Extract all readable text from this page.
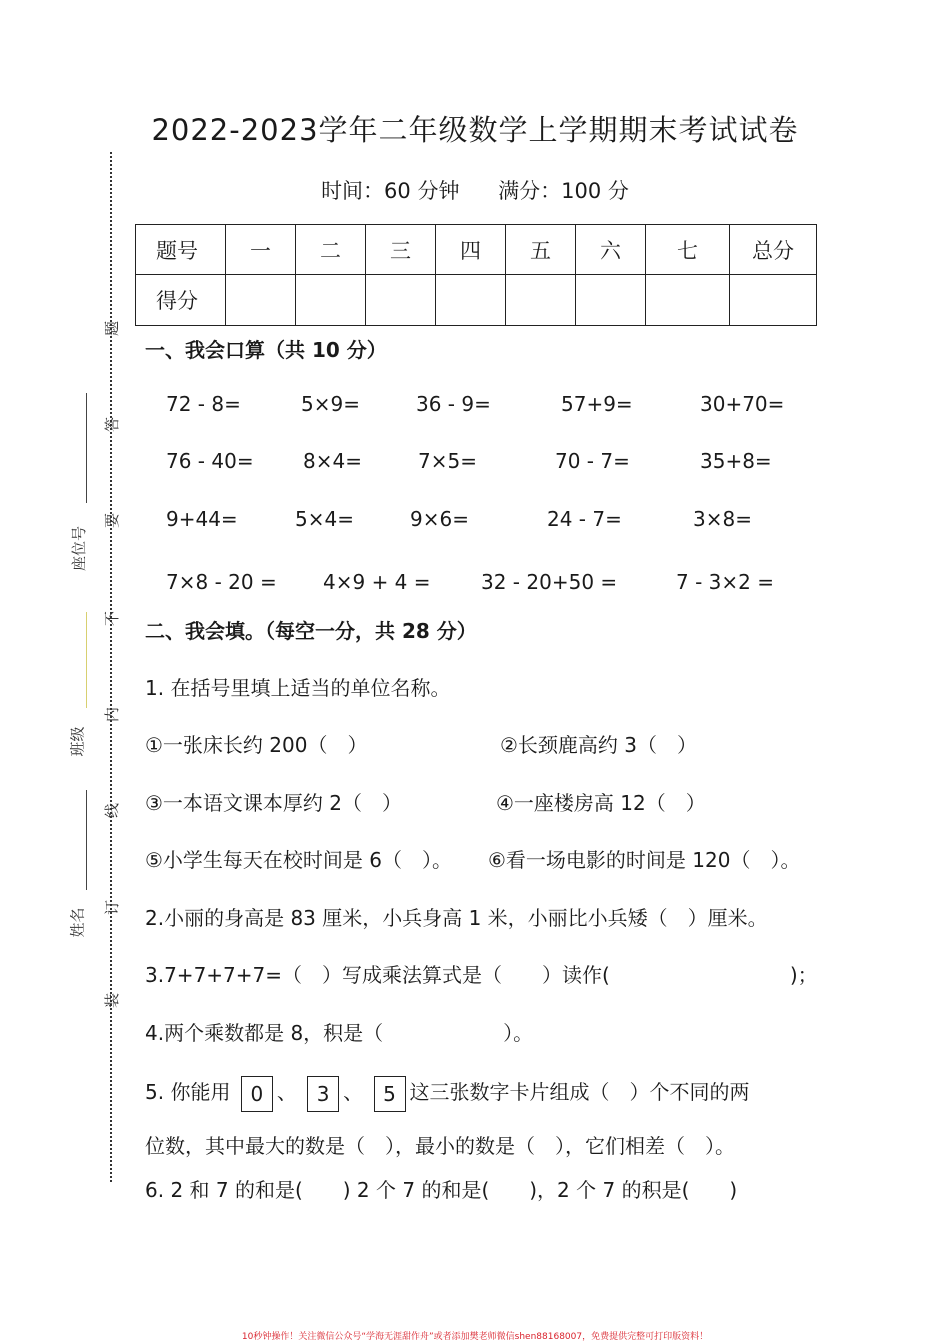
2022-2023学年二年级数学上学期期末考试试卷
时间：60 分钟 满分：100 分
题号	一	二	三	四	五	六	七	总分
得分								
一、我会口算（共 10 分）
72 - 8=	5×9=	36 - 9=	57+9=	30+70=
76 - 40= 8×4=	7×5=	70 - 7=	35+8=
9+44=	5×4=	9×6=	24 - 7=	3×8=
7×8 - 20 = 4×9 + 4 =	32 - 20+50 =	7 - 3×2 =
二、我会填。（每空一分，共 28 分）
1. 在括号里填上适当的单位名称。
①一张床长约 200（　）	②长颈鹿高约 3（　）
③一本语文课本厚约 2（　）	④一座楼房高 12（　）
⑤小学生每天在校时间是 6（　）。 ⑥看一场电影的时间是 120（　）。
2.小丽的身高是 83 厘米，小兵身高 1 米，小丽比小兵矮（　）厘米。
3.7+7+7+7=（　）写成乘法算式是（　　）读作(　　　　　　　　　)；
4.两个乘数都是 8，积是（　　　　　　）。
5. 你能用 0 、 3 、 5 这三张数字卡片组成（　）个不同的两
位数，其中最大的数是（　），最小的数是（　），它们相差（　）。
6. 2 和 7 的和是(　　) 2 个 7 的和是(　　)，2 个 7 的积是(　　)
题
答
要
不
内
线
订
装
座位号
班级
姓名
10秒钟操作！关注微信公众号“学海无涯甜作舟”或者添加樊老师微信shen88168007，免费提供完整可打印版资料！
